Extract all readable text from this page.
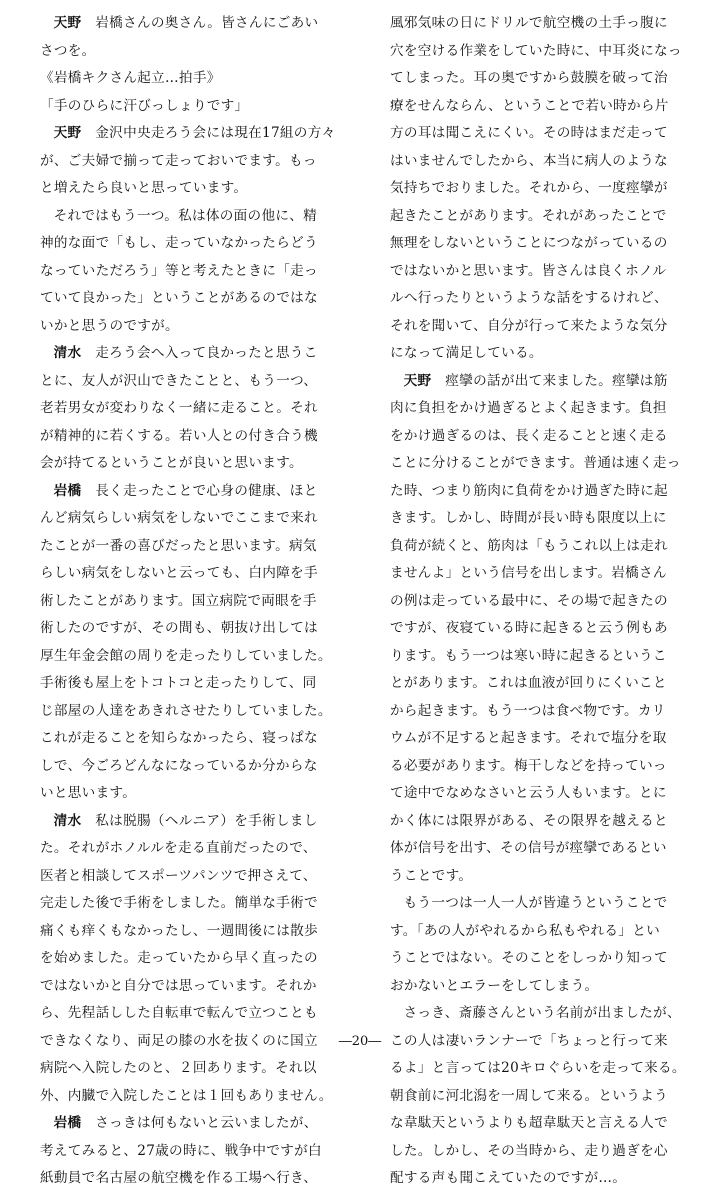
天野　岩橋さんの奥さん。皆さんにごあい
さつを。
《岩橋キクさん起立…拍手》
「手のひらに汗びっしょりです」
天野　金沢中央走ろう会には現在17組の方々
が、ご夫婦で揃って走っておいでます。もっ
と増えたら良いと思っています。
それではもう一つ。私は体の面の他に、精
神的な面で「もし、走っていなかったらどう
なっていただろう」等と考えたときに「走っ
ていて良かった」ということがあるのではな
いかと思うのですが。
清水　走ろう会へ入って良かったと思うこ
とに、友人が沢山できたことと、もう一つ、
老若男女が変わりなく一緒に走ること。それ
が精神的に若くする。若い人との付き合う機
会が持てるということが良いと思います。
岩橋　長く走ったことで心身の健康、ほと
んど病気らしい病気をしないでここまで来れ
たことが一番の喜びだったと思います。病気
らしい病気をしないと云っても、白内障を手
術したことがあります。国立病院で両眼を手
術したのですが、その間も、朝抜け出しては
厚生年金会館の周りを走ったりしていました。
手術後も屋上をトコトコと走ったりして、同
じ部屋の人達をあきれさせたりしていました。
これが走ることを知らなかったら、寝っぱな
しで、今ごろどんなになっているか分からな
いと思います。
清水　私は脱腸（ヘルニア）を手術しまし
た。それがホノルルを走る直前だったので、
医者と相談してスポーツパンツで押さえて、
完走した後で手術をしました。簡単な手術で
痛くも痒くもなかったし、一週間後には散歩
を始めました。走っていたから早く直ったの
ではないかと自分では思っています。それか
ら、先程話しした自転車で転んで立つことも
できなくなり、両足の膝の水を抜くのに国立
病院へ入院したのと、２回あります。それ以
外、内臓で入院したことは１回もありません。
岩橋　さっきは何もないと云いましたが、
考えてみると、27歳の時に、戦争中ですが白
紙動員で名古屋の航空機を作る工場へ行き、
風邪気味の日にドリルで航空機の土手っ腹に
穴を空ける作業をしていた時に、中耳炎になっ
てしまった。耳の奥ですから鼓膜を破って治
療をせんならん、ということで若い時から片
方の耳は聞こえにくい。その時はまだ走って
はいませんでしたから、本当に病人のような
気持ちでおりました。それから、一度痙攣が
起きたことがあります。それがあったことで
無理をしないということにつながっているの
ではないかと思います。皆さんは良くホノル
ルへ行ったりというような話をするけれど、
それを聞いて、自分が行って来たような気分
になって満足している。
天野　痙攣の話が出て来ました。痙攣は筋
肉に負担をかけ過ぎるとよく起きます。負担
をかけ過ぎるのは、長く走ることと速く走る
ことに分けることができます。普通は速く走っ
た時、つまり筋肉に負荷をかけ過ぎた時に起
きます。しかし、時間が長い時も限度以上に
負荷が続くと、筋肉は「もうこれ以上は走れ
ませんよ」という信号を出します。岩橋さん
の例は走っている最中に、その場で起きたの
ですが、夜寝ている時に起きると云う例もあ
ります。もう一つは寒い時に起きるというこ
とがあります。これは血液が回りにくいこと
から起きます。もう一つは食べ物です。カリ
ウムが不足すると起きます。それで塩分を取
る必要があります。梅干しなどを持っていっ
て途中でなめなさいと云う人もいます。とに
かく体には限界がある、その限界を越えると
体が信号を出す、その信号が痙攣であるとい
うことです。
もう一つは一人一人が皆違うということで
す。「あの人がやれるから私もやれる」とい
うことではない。そのことをしっかり知って
おかないとエラーをしてしまう。
さっき、斎藤さんという名前が出ましたが、
この人は凄いランナーで「ちょっと行って来
るよ」と言っては20キロぐらいを走って来る。
朝食前に河北潟を一周して来る。というよう
な韋駄天というよりも超韋駄天と言える人で
した。しかし、その当時から、走り過ぎを心
配する声も聞こえていたのですが…。
―20―
